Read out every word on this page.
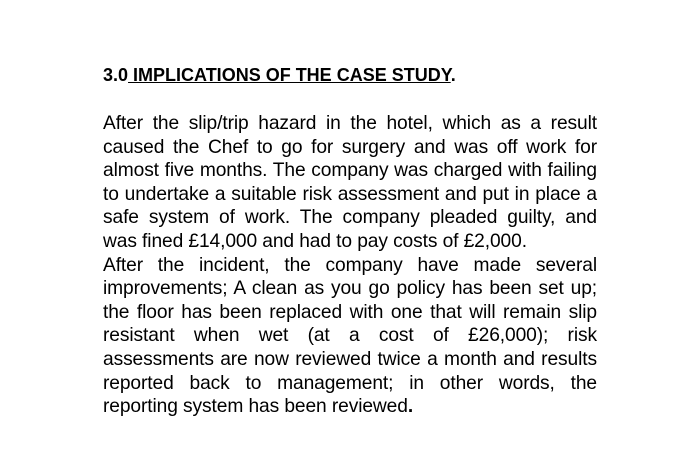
3.0 IMPLICATIONS OF THE CASE STUDY.

After the slip/trip hazard in the hotel, which as a result caused the Chef to go for surgery and was off work for almost five months. The company was charged with failing to undertake a suitable risk assessment and put in place a safe system of work. The company pleaded guilty, and was fined £14,000 and had to pay costs of £2,000.

After the incident, the company have made several improvements; A clean as you go policy has been set up; the floor has been replaced with one that will remain slip resistant when wet (at a cost of £26,000); risk assessments are now reviewed twice a month and results reported back to management; in other words, the reporting system has been reviewed.
